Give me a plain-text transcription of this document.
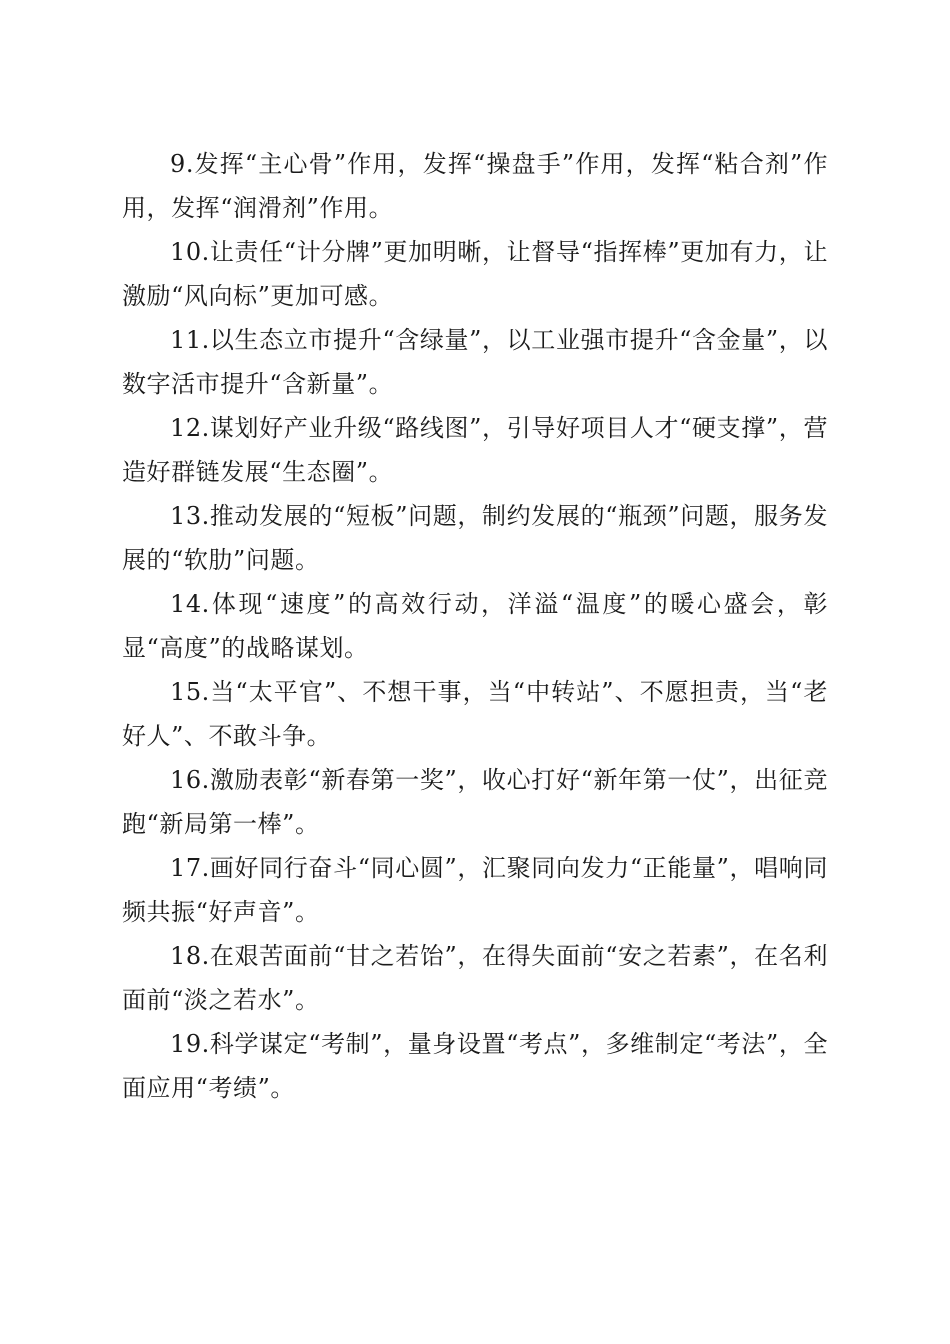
9.发挥“主心骨”作用，发挥“操盘手”作用，发挥“粘合剂”作用，发挥“润滑剂”作用。

10.让责任“计分牌”更加明晰，让督导“指挥棒”更加有力，让激励“风向标”更加可感。

11.以生态立市提升“含绿量”，以工业强市提升“含金量”，以数字活市提升“含新量”。

12.谋划好产业升级“路线图”，引导好项目人才“硬支撑”，营造好群链发展“生态圈”。

13.推动发展的“短板”问题，制约发展的“瓶颈”问题，服务发展的“软肋”问题。

14.体现“速度”的高效行动，洋溢“温度”的暖心盛会，彰显“高度”的战略谋划。

15.当“太平官”、不想干事，当“中转站”、不愿担责，当“老好人”、不敢斗争。

16.激励表彰“新春第一奖”，收心打好“新年第一仗”，出征竞跑“新局第一棒”。

17.画好同行奋斗“同心圆”，汇聚同向发力“正能量”，唱响同频共振“好声音”。

18.在艰苦面前“甘之若饴”，在得失面前“安之若素”，在名利面前“淡之若水”。

19.科学谋定“考制”，量身设置“考点”，多维制定“考法”，全面应用“考绩”。
